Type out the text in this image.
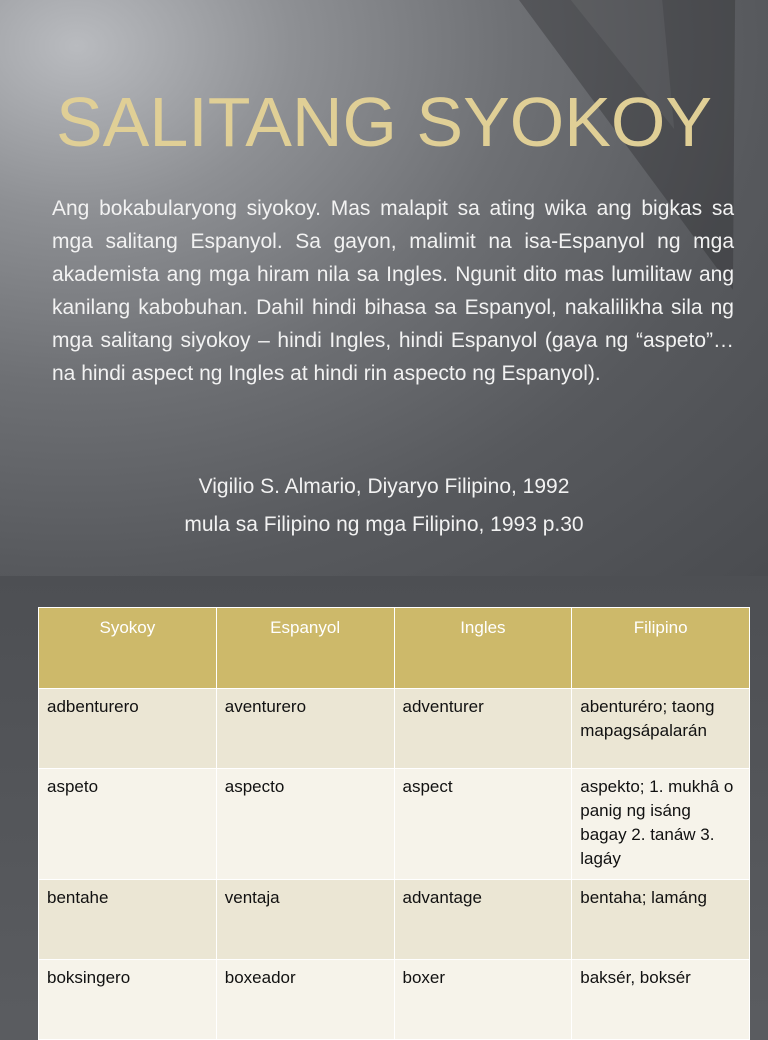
SALITANG SYOKOY

Ang bokabularyong siyokoy. Mas malapit sa ating wika ang bigkas sa mga salitang Espanyol. Sa gayon, malimit na isa-Espanyol ng mga akademista ang mga hiram nila sa Ingles. Ngunit dito mas lumilitaw ang kanilang kabobuhan. Dahil hindi bihasa sa Espanyol, nakalilikha sila ng mga salitang siyokoy – hindi Ingles, hindi Espanyol (gaya ng “aspeto”… na hindi aspect ng Ingles at hindi rin aspecto ng Espanyol).

Vigilio S. Almario, Diyaryo Filipino, 1992
mula sa Filipino ng mga Filipino, 1993 p.30
Syokoy	Espanyol	Ingles	Filipino
adbenturero	aventurero	adventurer	abenturéro; taong mapagsápalarán
aspeto	aspecto	aspect	aspekto; 1. mukhâ o panig ng isáng bagay 2. tanáw 3. lagáy
bentahe	ventaja	advantage	bentaha; lamáng
boksingero	boxeador	boxer	baksér, boksér
